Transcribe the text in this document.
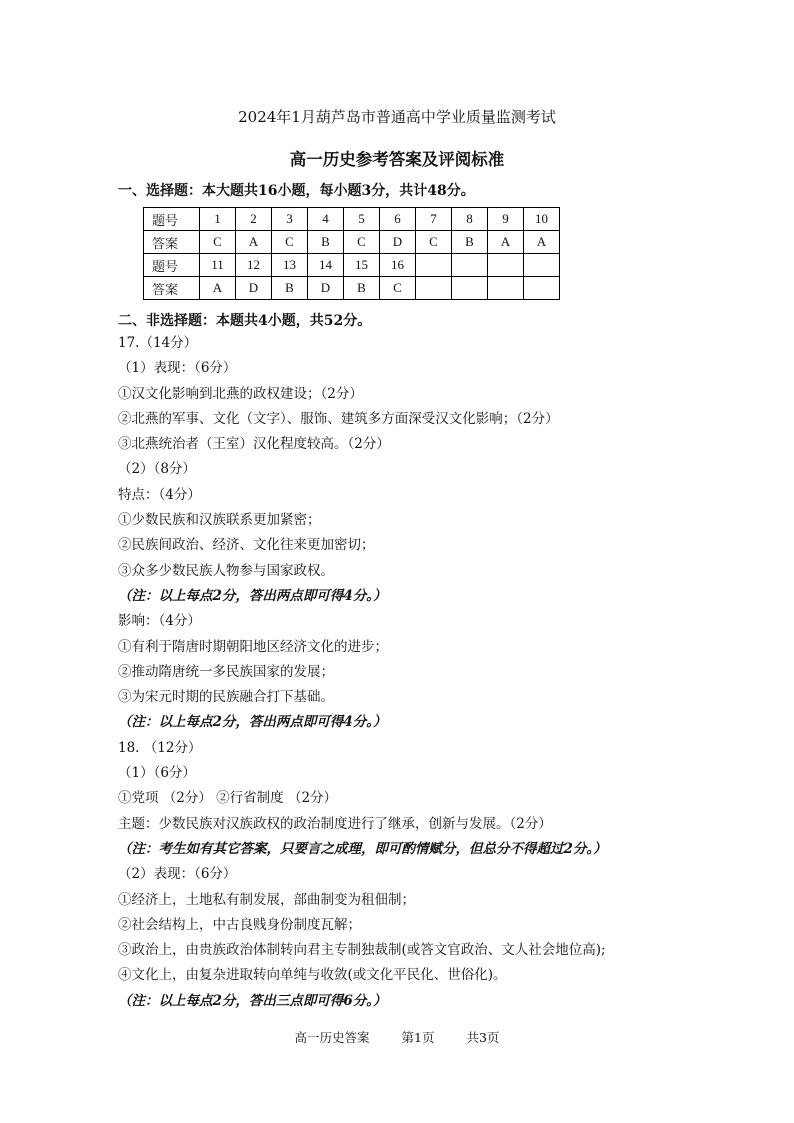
2024年1月葫芦岛市普通高中学业质量监测考试
高一历史参考答案及评阅标准
一、选择题：本大题共16小题，每小题3分，共计48分。
题号	1	2	3	4	5	6	7	8	9	10
答案	C	A	C	B	C	D	C	B	A	A
题号	11	12	13	14	15	16				
答案	A	D	B	D	B	C				
二、非选择题：本题共4小题，共52分。
17.（14分）
（1）表现：（6分）
①汉文化影响到北燕的政权建设；（2分）
②北燕的军事、文化（文字）、服饰、建筑多方面深受汉文化影响；（2分）
③北燕统治者（王室）汉化程度较高。（2分）
（2）（8分）
特点：（4分）
①少数民族和汉族联系更加紧密；
②民族间政治、经济、文化往来更加密切；
③众多少数民族人物参与国家政权。
（注：以上每点2分，答出两点即可得4分。）
影响：（4分）
①有利于隋唐时期朝阳地区经济文化的进步；
②推动隋唐统一多民族国家的发展；
③为宋元时期的民族融合打下基础。
（注：以上每点2分，答出两点即可得4分。）
18. （12分）
（1）（6分）
①党项 （2分） ②行省制度 （2分）
主题：少数民族对汉族政权的政治制度进行了继承，创新与发展。（2分）
（注：考生如有其它答案，只要言之成理，即可酌情赋分，但总分不得超过2分。）
（2）表现：（6分）
①经济上，土地私有制发展，部曲制变为租佃制；
②社会结构上，中古良贱身份制度瓦解；
③政治上，由贵族政治体制转向君主专制独裁制(或答文官政治、文人社会地位高);
④文化上，由复杂进取转向单纯与收敛(或文化平民化、世俗化)。
（注：以上每点2分，答出三点即可得6分。）
高一历史答案	第1页	共3页
